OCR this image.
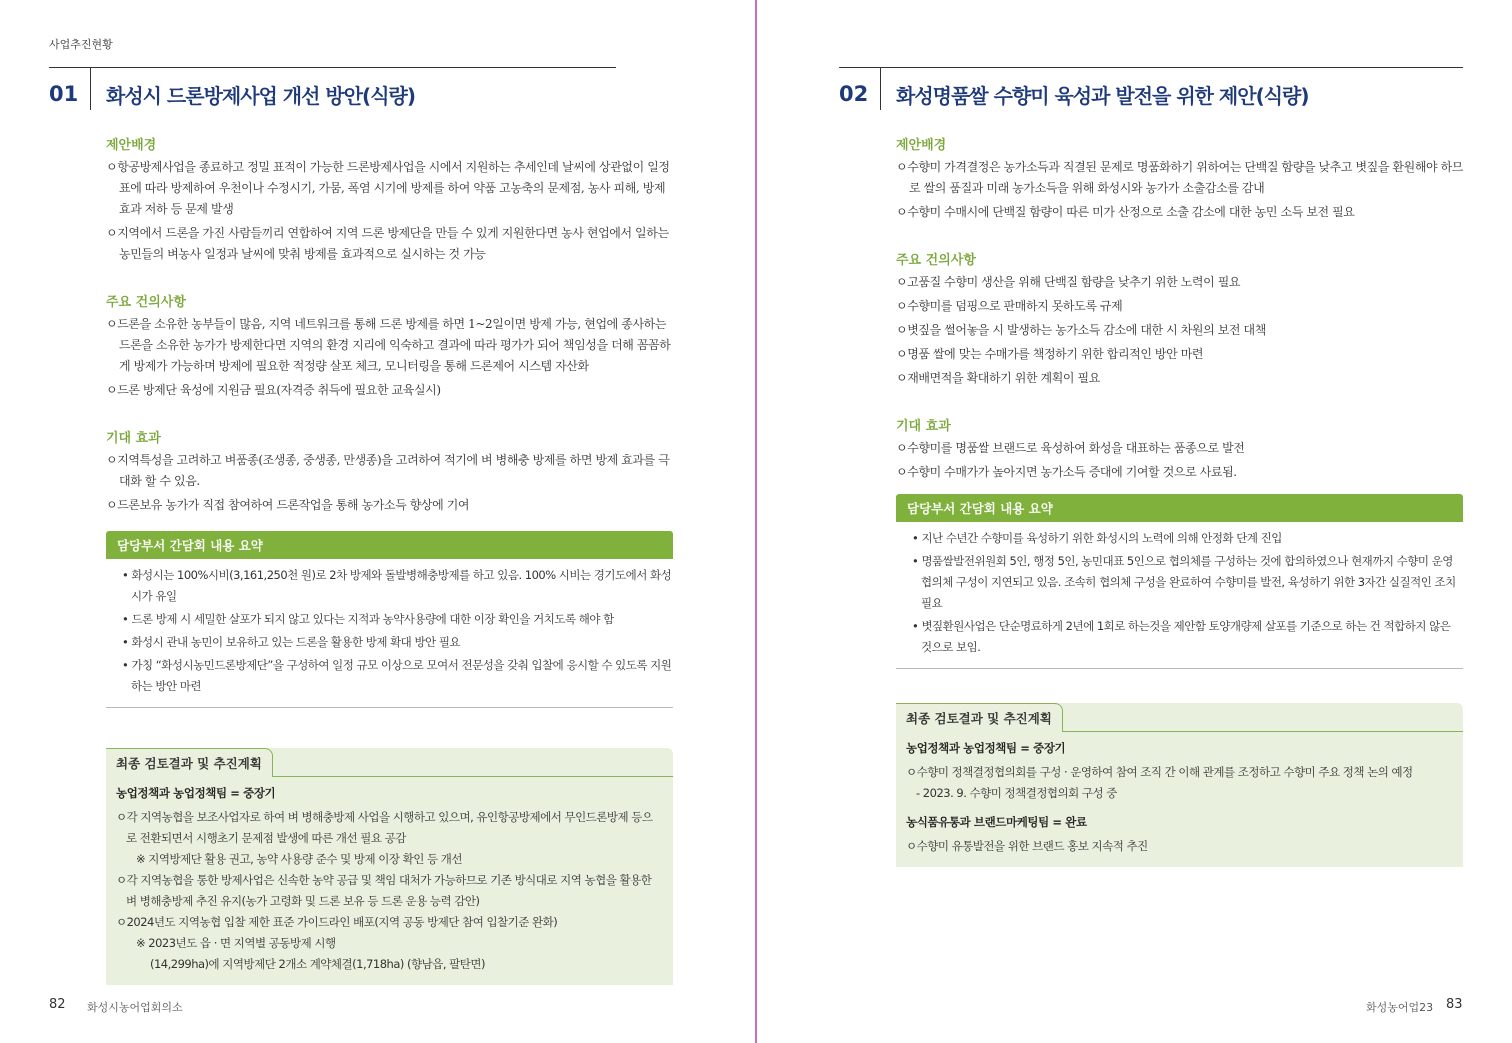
사업추진현황
01 화성시 드론방제사업 개선 방안(식량)
제안배경

ㅇ항공방제사업을 종료하고 정밀 표적이 가능한 드론방제사업을 시에서 지원하는 추세인데 날씨에 상관없이 일정표에 따라 방제하여 우천이나 수정시기, 가뭄, 폭염 시기에 방제를 하여 약품 고농축의 문제점, 농사 피해, 방제효과 저하 등 문제 발생

ㅇ지역에서 드론을 가진 사람들끼리 연합하여 지역 드론 방제단을 만들 수 있게 지원한다면 농사 현업에서 일하는 농민들의 벼농사 일정과 날씨에 맞춰 방제를 효과적으로 실시하는 것 가능

주요 건의사항

ㅇ드론을 소유한 농부들이 많음, 지역 네트워크를 통해 드론 방제를 하면 1~2일이면 방제 가능, 현업에 종사하는 드론을 소유한 농가가 방제한다면 지역의 환경 지리에 익숙하고 결과에 따라 평가가 되어 책임성을 더해 꼼꼼하게 방제가 가능하며 방제에 필요한 적정량 살포 체크, 모니터링을 통해 드론제어 시스템 자산화

ㅇ드론 방제단 육성에 지원금 필요(자격증 취득에 필요한 교육실시)

기대 효과

ㅇ지역특성을 고려하고 벼품종(조생종, 중생종, 만생종)을 고려하여 적기에 벼 병해충 방제를 하면 방제 효과를 극대화 할 수 있음.

ㅇ드론보유 농가가 직접 참여하여 드론작업을 통해 농가소득 향상에 기여

담당부서 간담회 내용 요약

• 화성시는 100%시비(3,161,250천 원)로 2차 방제와 돌발병해충방제를 하고 있음. 100% 시비는 경기도에서 화성시가 유일

• 드론 방제 시 세밀한 살포가 되지 않고 있다는 지적과 농약사용량에 대한 이장 확인을 거치도록 해야 함

• 화성시 관내 농민이 보유하고 있는 드론을 활용한 방제 확대 방안 필요

• 가칭 “화성시농민드론방제단”을 구성하여 일정 규모 이상으로 모여서 전문성을 갖춰 입찰에 응시할 수 있도록 지원하는 방안 마련

최종 검토결과 및 추진계획
농업정책과 농업정책팀 = 중장기

ㅇ각 지역농협을 보조사업자로 하여 벼 병해충방제 사업을 시행하고 있으며, 유인항공방제에서 무인드론방제 등으로 전환되면서 시행초기 문제점 발생에 따른 개선 필요 공감

※ 지역방제단 활용 권고, 농약 사용량 준수 및 방제 이장 확인 등 개선

ㅇ각 지역농협을 통한 방제사업은 신속한 농약 공급 및 책임 대처가 가능하므로 기존 방식대로 지역 농협을 활용한 벼 병해충방제 추진 유지(농가 고령화 및 드론 보유 등 드론 운용 능력 감안)

ㅇ2024년도 지역농협 입찰 제한 표준 가이드라인 배포(지역 공동 방제단 참여 입찰기준 완화)

※ 2023년도 읍 · 면 지역별 공동방제 시행

(14,299ha)에 지역방제단 2개소 계약체결(1,718ha) (향남읍, 팔탄면)

82 화성시농어업회의소
02 화성명품쌀 수향미 육성과 발전을 위한 제안(식량)
제안배경

ㅇ수향미 가격결정은 농가소득과 직결된 문제로 명품화하기 위하여는 단백질 함량을 낮추고 볏짚을 환원해야 하므로 쌀의 품질과 미래 농가소득을 위해 화성시와 농가가 소출감소를 감내

ㅇ수향미 수매시에 단백질 함량이 따른 미가 산정으로 소출 감소에 대한 농민 소득 보전 필요

주요 건의사항

ㅇ고품질 수향미 생산을 위해 단백질 함량을 낮추기 위한 노력이 필요

ㅇ수향미를 덤핑으로 판매하지 못하도록 규제

ㅇ볏짚을 썰어놓을 시 발생하는 농가소득 감소에 대한 시 차원의 보전 대책

ㅇ명품 쌀에 맞는 수매가를 책정하기 위한 합리적인 방안 마련

ㅇ재배면적을 확대하기 위한 계획이 필요

기대 효과

ㅇ수향미를 명품쌀 브랜드로 육성하여 화성을 대표하는 품종으로 발전

ㅇ수향미 수매가가 높아지면 농가소득 증대에 기여할 것으로 사료됨.

담당부서 간담회 내용 요약

• 지난 수년간 수향미를 육성하기 위한 화성시의 노력에 의해 안정화 단계 진입

• 명품쌀발전위원회 5인, 행정 5인, 농민대표 5인으로 협의체를 구성하는 것에 합의하였으나 현재까지 수향미 운영협의체 구성이 지연되고 있음. 조속히 협의체 구성을 완료하여 수향미를 발전, 육성하기 위한 3자간 실질적인 조치 필요

• 볏짚환원사업은 단순명료하게 2년에 1회로 하는것을 제안함 토양개량제 살포를 기준으로 하는 건 적합하지 않은 것으로 보임.

최종 검토결과 및 추진계획
농업정책과 농업정책팀 = 중장기

ㅇ수향미 정책결정협의회를 구성 · 운영하여 참여 조직 간 이해 관계를 조정하고 수향미 주요 정책 논의 예정

- 2023. 9. 수향미 정책결정협의회 구성 중

농식품유통과 브랜드마케팅팀 = 완료

ㅇ수향미 유통발전을 위한 브랜드 홍보 지속적 추진

화성농어업23 83
